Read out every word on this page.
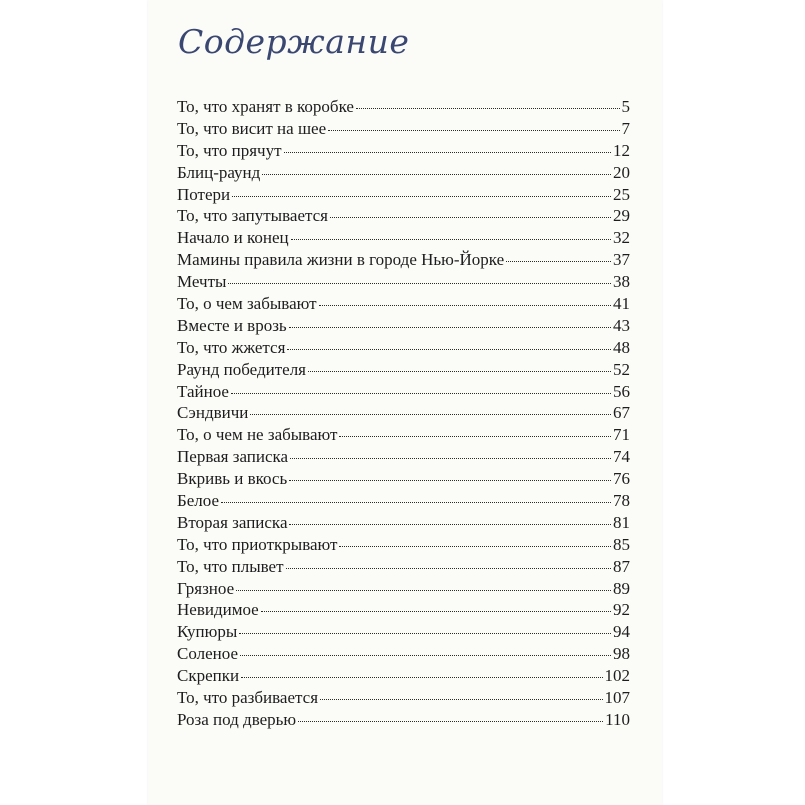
Содержание
То, что хранят в коробке	5
То, что висит на шее	7
То, что прячут	12
Блиц-раунд	20
Потери	25
То, что запутывается	29
Начало и конец	32
Мамины правила жизни в городе Нью-Йорке	37
Мечты	38
То, о чем забывают	41
Вместе и врозь	43
То, что жжется	48
Раунд победителя	52
Тайное	56
Сэндвичи	67
То, о чем не забывают	71
Первая записка	74
Вкривь и вкось	76
Белое	78
Вторая записка	81
То, что приоткрывают	85
То, что плывет	87
Грязное	89
Невидимое	92
Купюры	94
Соленое	98
Скрепки	102
То, что разбивается	107
Роза под дверью	110
